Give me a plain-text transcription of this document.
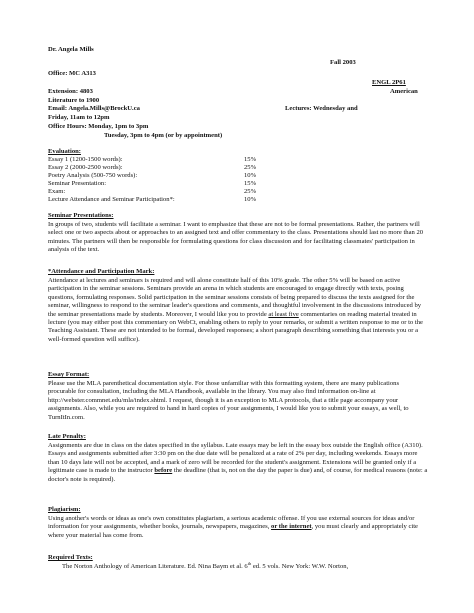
Dr. Angela Mills
Fall 2003
Office: MC A313
ENGL 2P61
Extension: 4803	American
Literature to 1900
Email: Angela.Mills@BrockU.ca	Lectures: Wednesday and
Friday, 11am to 12pm
Office Hours: Monday, 1pm to 3pm
Tuesday, 3pm to 4pm (or by appointment)
Evaluation:
Essay 1 (1200-1500 words):	15%
Essay 2 (2000-2500 words):	25%
Poetry Analysis (500-750 words):	10%
Seminar Presentation:	15%
Exam:	25%
Lecture Attendance and Seminar Participation*:	10%
Seminar Presentations:
In groups of two, students will facilitate a seminar. I want to emphasize that these are not to be formal presentations. Rather, the partners will select one or two aspects about or approaches to an assigned text and offer commentary to the class. Presentations should last no more than 20 minutes. The partners will then be responsible for formulating questions for class discussion and for facilitating classmates' participation in analysis of the text.
*Attendance and Participation Mark:
Attendance at lectures and seminars is required and will alone constitute half of this 10% grade. The other 5% will be based on active participation in the seminar sessions. Seminars provide an arena in which students are encouraged to engage directly with texts, posing questions, formulating responses. Solid participation in the seminar sessions consists of being prepared to discuss the texts assigned for the seminar, willingness to respond to the seminar leader's questions and comments, and thoughtful involvement in the discussions introduced by the seminar presentations made by students. Moreover, I would like you to provide at least five commentaries on reading material treated in lecture (you may either post this commentary on WebCt, enabling others to reply to your remarks, or submit a written response to me or to the Teaching Assistant. These are not intended to be formal, developed responses; a short paragraph describing something that interests you or a well-formed question will suffice).
Essay Format:
Please use the MLA parenthetical documentation style. For those unfamiliar with this formatting system, there are many publications procurable for consultation, including the MLA Handbook, available in the library. You may also find information on-line at http://webster.commnet.edu/mla/index.shtml. I request, though it is an exception to MLA protocols, that a title page accompany your assignments. Also, while you are required to hand in hard copies of your assignments, I would like you to submit your essays, as well, to TurnItIn.com.
Late Penalty:
Assignments are due in class on the dates specified in the syllabus. Late essays may be left in the essay box outside the English office (A310). Essays and assignments submitted after 3:30 pm on the due date will be penalized at a rate of 2% per day, including weekends. Essays more than 10 days late will not be accepted, and a mark of zero will be recorded for the student's assignment. Extensions will be granted only if a legitimate case is made to the instructor before the deadline (that is, not on the day the paper is due) and, of course, for medical reasons (note: a doctor's note is required).
Plagiarism:
Using another's words or ideas as one's own constitutes plagiarism, a serious academic offense. If you use external sources for ideas and/or information for your assignments, whether books, journals, newspapers, magazines, or the internet, you must clearly and appropriately cite where your material has come from.
Required Texts:
The Norton Anthology of American Literature. Ed. Nina Baym et al. 6th ed. 5 vols. New York: W.W. Norton,
